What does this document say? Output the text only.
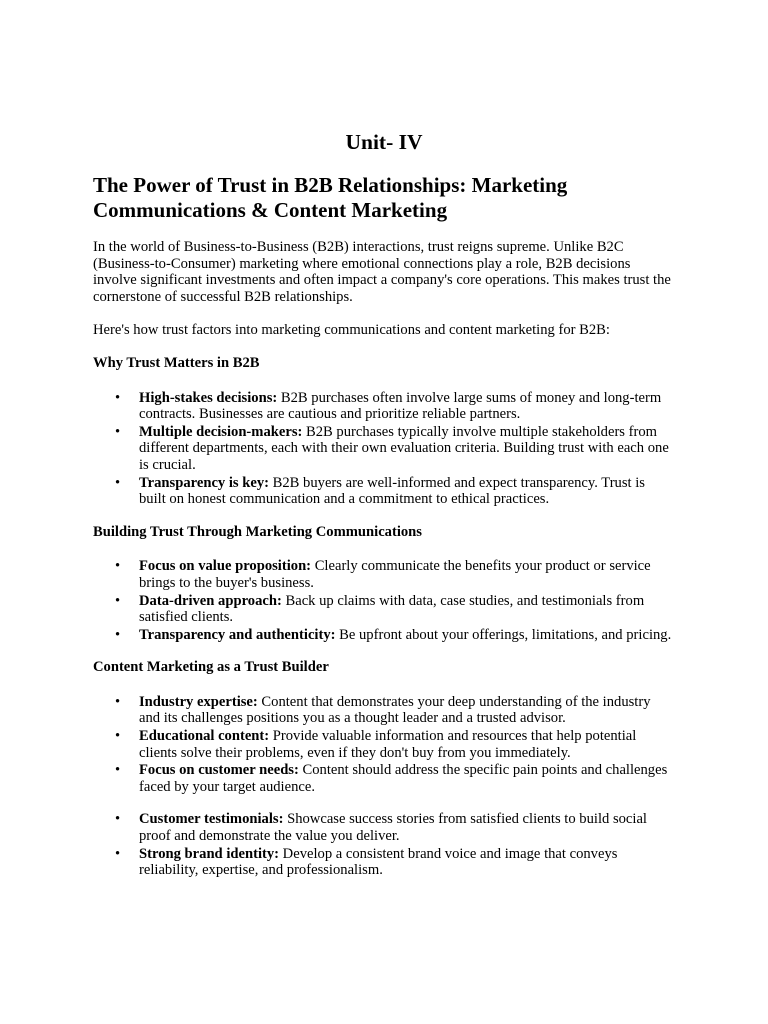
Unit- IV
The Power of Trust in B2B Relationships: Marketing Communications & Content Marketing

In the world of Business-to-Business (B2B) interactions, trust reigns supreme. Unlike B2C (Business-to-Consumer) marketing where emotional connections play a role, B2B decisions involve significant investments and often impact a company's core operations. This makes trust the cornerstone of successful B2B relationships.

Here's how trust factors into marketing communications and content marketing for B2B:

Why Trust Matters in B2B
• High-stakes decisions: B2B purchases often involve large sums of money and long-term contracts. Businesses are cautious and prioritize reliable partners.
• Multiple decision-makers: B2B purchases typically involve multiple stakeholders from different departments, each with their own evaluation criteria. Building trust with each one is crucial.
• Transparency is key: B2B buyers are well-informed and expect transparency. Trust is built on honest communication and a commitment to ethical practices.
Building Trust Through Marketing Communications
• Focus on value proposition: Clearly communicate the benefits your product or service brings to the buyer's business.
• Data-driven approach: Back up claims with data, case studies, and testimonials from satisfied clients.
• Transparency and authenticity: Be upfront about your offerings, limitations, and pricing.
Content Marketing as a Trust Builder
• Industry expertise: Content that demonstrates your deep understanding of the industry and its challenges positions you as a thought leader and a trusted advisor.
• Educational content: Provide valuable information and resources that help potential clients solve their problems, even if they don't buy from you immediately.
• Focus on customer needs: Content should address the specific pain points and challenges faced by your target audience.
• Customer testimonials: Showcase success stories from satisfied clients to build social proof and demonstrate the value you deliver.
• Strong brand identity: Develop a consistent brand voice and image that conveys reliability, expertise, and professionalism.
